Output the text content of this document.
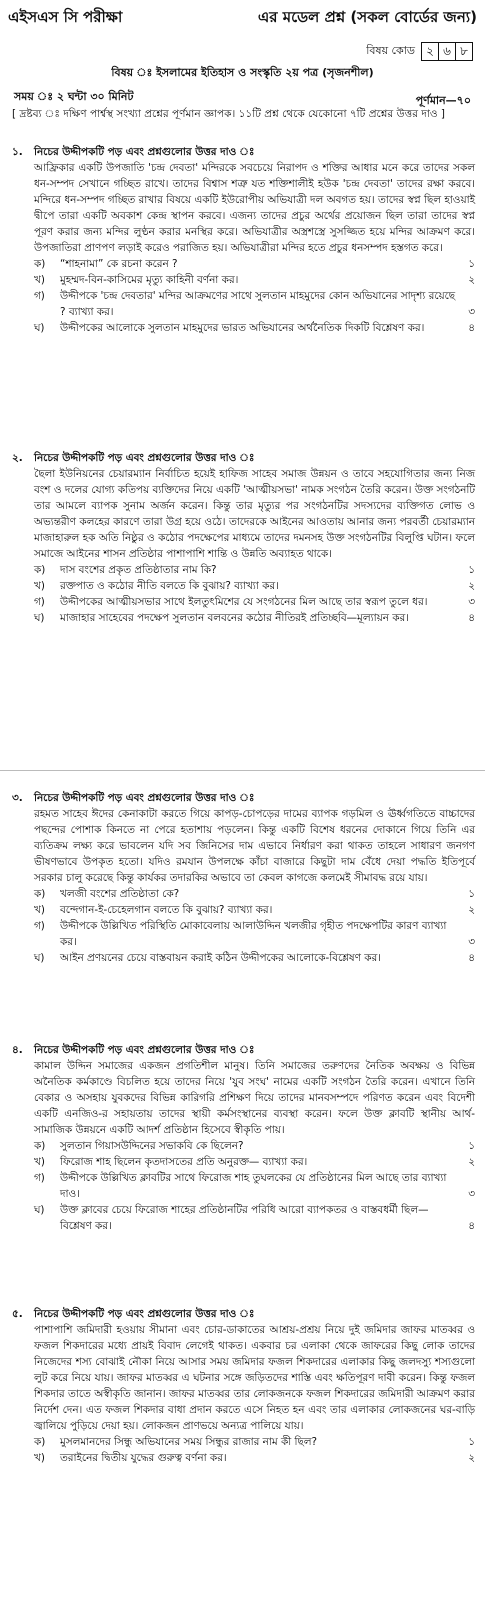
এইসএস সি পরীক্ষা	এর মডেল প্রশ্ন (সকল বোর্ডের জন্য)
বিষয় কোড ২ ৬ ৮
বিষয় ঃ ইসলামের ইতিহাস ও সংস্কৃতি ২য় পত্র (সৃজনশীল)
সময় ঃ ২ ঘন্টা ৩০ মিনিট	পূর্ণমান—৭০
[ দ্রষ্টব্য ঃ দক্ষিণ পার্শ্বস্থ সংখ্যা প্রশ্নের পূর্ণমান জ্ঞাপক। ১১টি প্রশ্ন থেকে যেকোনো ৭টি প্রশ্নের উত্তর দাও ]
১.	নিচের উদ্দীপকটি পড় এবং প্রশ্নগুলোর উত্তর দাও ঃ
আফ্রিকার একটি উপজাতি 'চন্দ্র দেবতা' মন্দিরকে সবচেয়ে নিরাপদ ও শক্তির আধার মনে করে তাদের সকল ধন-সম্পদ সেখানে গচ্ছিত রাখে। তাদের বিশ্বাস শত্রু যত শক্তিশালীই হউক 'চন্দ্র দেবতা' তাদের রক্ষা করবে। মন্দিরে ধন-সম্পদ গচ্ছিত রাখার বিষয়ে একটি ইউরোপীয় অভিযাত্রী দল অবগত হয়। তাদের স্বপ্ন ছিল হাওয়াই দ্বীপে তারা একটি অবকাশ কেন্দ্র স্থাপন করবে। এজন্য তাদের প্রচুর অর্থের প্রয়োজন ছিল তারা তাদের স্বপ্ন পূরণ করার জন্য মন্দির লুণ্ঠন করার মনস্থির করে। অভিযাত্রীর অস্ত্রশস্ত্রে সুসজ্জিত হয়ে মন্দির আক্রমণ করে। উপজাতিরা প্রাণপণ লড়াই করেও পরাজিত হয়। অভিযাত্রীরা মন্দির হতে প্রচুর ধনসম্পদ হস্তগত করে।
ক)	“শাহনামা” কে রচনা করেন ?	১
খ)	মুহম্মদ-বিন-কাসিমের মৃত্যু কাহিনী বর্ণনা কর।	২
গ)	উদ্দীপকে 'চন্দ্র দেবতার' মন্দির আক্রমণের সাথে সুলতান মাহমুদের কোন অভিযানের সাদৃশ্য রয়েছে ? ব্যাখ্যা কর।	৩
ঘ)	উদ্দীপকের আলোকে সুলতান মাহমুদের ভারত অভিযানের অর্থনৈতিক দিকটি বিশ্লেষণ কর।	৪
২.	নিচের উদ্দীপকটি পড় এবং প্রশ্নগুলোর উত্তর দাও ঃ
ছৈলা ইউনিয়নের চেয়ারম্যান নির্বাচিত হয়েই হাফিজ সাহেব সমাজ উন্নয়ন ও তাবে সহযোগিতার জন্য নিজ বংশ ও দলের যোগ্য কতিপয় ব্যক্তিদের নিয়ে একটি 'আত্মীয়সভা' নামক সংগঠন তৈরি করেন। উক্ত সংগঠনটি তার আমলে ব্যাপক সুনাম অর্জন করেন। কিন্তু তার মৃত্যুর পর সংগঠনটির সদস্যদের ব্যক্তিগত লোভ ও অভ্যন্তরীণ কলহের কারণে তারা উগ্র হয়ে ওঠে। তাদেরকে আইনের আওতায় আনার জন্য পরবর্তী চেয়ারম্যান মাজাহারুল হক অতি নিষ্ঠুর ও কঠোর পদক্ষেপের মাধ্যমে তাদের দমনসহ উক্ত সংগঠনটির বিলুপ্তি ঘটান। ফলে সমাজে আইনের শাসন প্রতিষ্ঠার পাশাপাশি শান্তি ও উন্নতি অব্যাহত থাকে।
ক)	দাস বংশের প্রকৃত প্রতিষ্ঠাতার নাম কি?	১
খ)	রক্তপাত ও কঠোর নীতি বলতে কি বুঝায়? ব্যাখ্যা কর।	২
গ)	উদ্দীপকের আত্মীয়সভার সাথে ইলতুৎমিশের যে সংগঠনের মিল আছে তার স্বরূপ তুলে ধর।	৩
ঘ)	মাজাহার সাহেবের পদক্ষেপ সুলতান বলবনের কঠোর নীতিরই প্রতিচ্ছবি—মূল্যায়ন কর।	৪
৩.	নিচের উদ্দীপকটি পড় এবং প্রশ্নগুলোর উত্তর দাও ঃ
রহমত সাহেব ঈদের কেনাকাটা করতে গিয়ে কাপড়-চোপড়ের দামের ব্যাপক গড়মিল ও ঊর্ধ্বগতিতে বাচ্চাদের পছন্দের পোশাক কিনতে না পেরে হতাশায় পড়লেন। কিন্তু একটি বিশেষ ধরনের দোকানে গিয়ে তিনি এর ব্যতিক্রম লক্ষ্য করে ভাবলেন যদি সব জিনিসের দাম এভাবে নির্ধারণ করা থাকত তাহলে সাধারণ জনগণ ভীষণভাবে উপকৃত হতো। যদিও রমযান উপলক্ষে কাঁচা বাজারে কিছুটা দাম বেঁধে দেয়া পদ্ধতি ইতিপূর্বে সরকার চালু করেছে কিন্তু কার্যকর তদারকির অভাবে তা কেবল কাগজে কলমেই সীমাবদ্ধ রয়ে যায়।
ক)	খলজী বংশের প্রতিষ্ঠাতা কে?	১
খ)	বন্দেগান-ই-চেহেলগান বলতে কি বুঝায়? ব্যাখ্যা কর।	২
গ)	উদ্দীপকে উল্লিখিত পরিস্থিতি মোকাবেলায় আলাউদ্দিন খলজীর গৃহীত পদক্ষেপটির কারণ ব্যাখ্যা কর।	৩
ঘ)	আইন প্রণয়নের চেয়ে বাস্তবায়ন করাই কঠিন উদ্দীপকের আলোকে-বিশ্লেষণ কর।	৪
৪.	নিচের উদ্দীপকটি পড় এবং প্রশ্নগুলোর উত্তর দাও ঃ
কামাল উদ্দিন সমাজের একজন প্রগতিশীল মানুষ। তিনি সমাজের তরুণদের নৈতিক অবক্ষয় ও বিভিন্ন অনৈতিক কর্মকাণ্ডে বিচলিত হয়ে তাদের নিয়ে 'যুব সংঘ' নামের একটি সংগঠন তৈরি করেন। এখানে তিনি বেকার ও অসহায় যুবকদের বিভিন্ন কারিগরি প্রশিক্ষণ দিয়ে তাদের মানবসম্পদে পরিণত করেন এবং বিদেশী একটি এনজিও-র সহায়তায় তাদের স্থায়ী কর্মসংস্থানের ব্যবস্থা করেন। ফলে উক্ত ক্লাবটি স্থানীয় আর্থ-সামাজিক উন্নয়নে একটি আদর্শ প্রতিষ্ঠান হিসেবে স্বীকৃতি পায়।
ক)	সুলতান গিয়াসউদ্দিনের সভাকবি কে ছিলেন?	১
খ)	ফিরোজ শাহ ছিলেন কৃতদাসতের প্রতি অনুরক্ত— ব্যাখ্যা কর।	২
গ)	উদ্দীপকে উল্লিখিত ক্লাবটির সাথে ফিরোজ শাহ তুঘলকের যে প্রতিষ্ঠানের মিল আছে তার ব্যাখ্যা দাও।	৩
ঘ)	উক্ত ক্লাবের চেয়ে ফিরোজ শাহের প্রতিষ্ঠানটির পরিধি আরো ব্যাপকতর ও বাস্তবধর্মী ছিল— বিশ্লেষণ কর।	৪
৫.	নিচের উদ্দীপকটি পড় এবং প্রশ্নগুলোর উত্তর দাও ঃ
পাশাপাশি জমিদারী হওয়ায় সীমানা এবং চোর-ডাকাতের আশ্রয়-প্রশ্রয় নিয়ে দুই জমিদার জাফর মাতব্বর ও ফজল শিকদারের মধ্যে প্রায়ই বিবাদ লেগেই থাকত। একবার চর এলাকা থেকে জাফরের কিছু লোক তাদের নিজেদের শস্য বোঝাই নৌকা নিয়ে আসার সময় জমিদার ফজল শিকদারের এলাকার কিছু জলদস্যু শস্যগুলো লুট করে নিয়ে যায়। জাফর মাতব্বর এ ঘটনার সঙ্গে জড়িতদের শাস্তি এবং ক্ষতিপূরণ দাবী করেন। কিন্তু ফজল শিকদার তাতে অস্বীকৃতি জানান। জাফর মাতব্বর তার লোকজনকে ফজল শিকদারের জমিদারী আক্রমণ করার নির্দেশ দেন। এত ফজল শিকদার বাধা প্রদান করতে এসে নিহত হন এবং তার এলাকার লোকজনের ঘর-বাড়ি জ্বালিয়ে পুড়িয়ে দেয়া হয়। লোকজন প্রাণভয়ে অন্যত্র পালিয়ে যায়।
ক)	মুসলমানদের সিন্ধু অভিযানের সময় সিন্ধুর রাজার নাম কী ছিল?	১
খ)	তরাইনের দ্বিতীয় যুদ্ধের গুরুত্ব বর্ণনা কর।	২
